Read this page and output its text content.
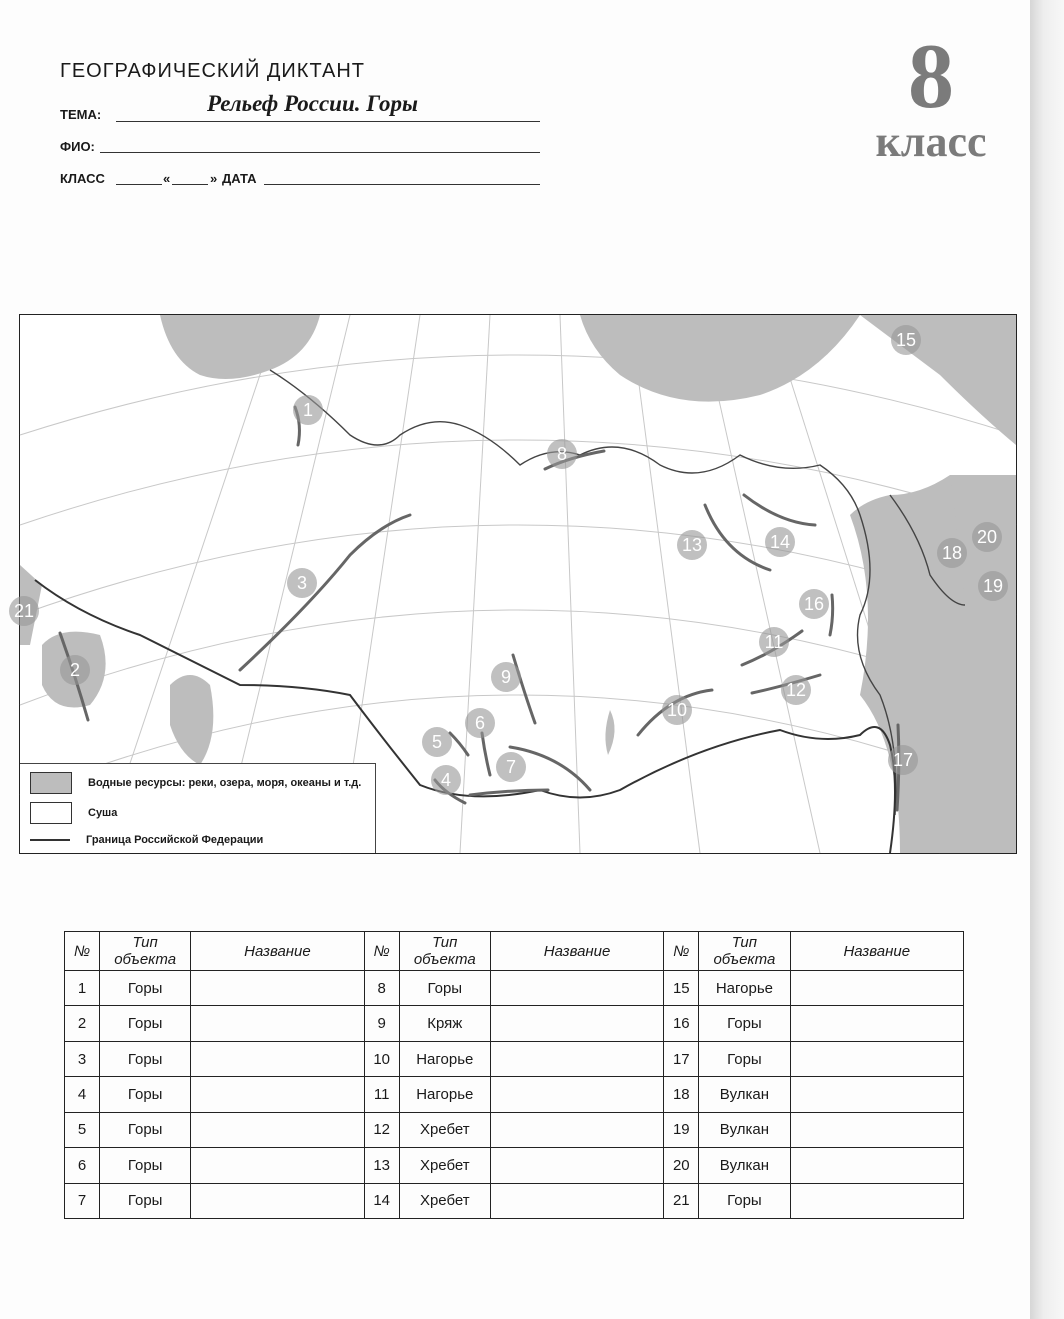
ГЕОГРАФИЧЕСКИЙ ДИКТАНТ
ТЕМА:	Рельеф России. Горы
ФИО:
КЛАСС	«	» ДАТА
8
класс
1
2
3
4
5
6
7
8
9
10
11
12
13	14
15
16
17
18
19
20
21
Водные ресурсы: реки, озера, моря, океаны и т.д.
Суша
Граница Российской Федерации
№	Тип объекта	Название	№	Тип объекта	Название	№	Тип объекта	Название
1	Горы		8	Горы		15	Нагорье	
2	Горы		9	Кряж		16	Горы	
3	Горы		10	Нагорье		17	Горы	
4	Горы		11	Нагорье		18	Вулкан	
5	Горы		12	Хребет		19	Вулкан	
6	Горы		13	Хребет		20	Вулкан	
7	Горы		14	Хребет		21	Горы	
